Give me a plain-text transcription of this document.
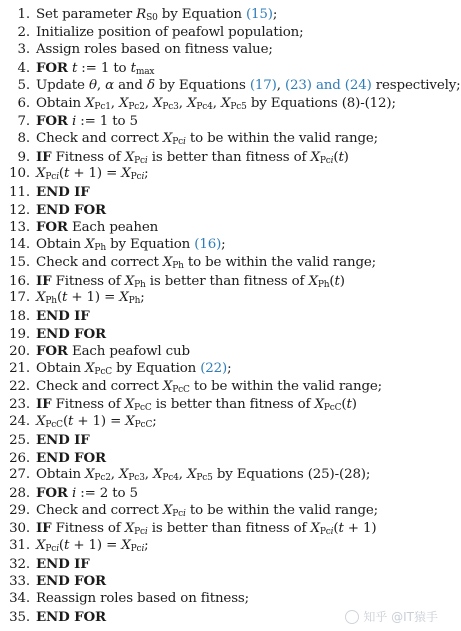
1. Set parameter $R_{S0}$ by Equation (15);
2. Initialize position of peafowl population;
3. Assign roles based on fitness value;
4. FOR t := 1 to $t_{max}$
5. Update θ, α and δ by Equations (17), (23) and (24) respectively;
6. Obtain $X_{Pc1}$, $X_{Pc2}$, $X_{Pc3}$, $X_{Pc4}$, $X_{Pc5}$ by Equations (8)-(12);
7. FOR i := 1 to 5
8. Check and correct $X_{Pci}$ to be within the valid range;
9. IF Fitness of $X_{Pci}$ is better than fitness of $X_{Pci}(t)$
10. $X_{Pci}(t + 1) = X_{Pci}$;
11. END IF
12. END FOR
13. FOR Each peahen
14. Obtain $X_{Ph}$ by Equation (16);
15. Check and correct $X_{Ph}$ to be within the valid range;
16. IF Fitness of $X_{Ph}$ is better than fitness of $X_{Ph}(t)$
17. $X_{Ph}(t + 1) = X_{Ph}$;
18. END IF
19. END FOR
20. FOR Each peafowl cub
21. Obtain $X_{PcC}$ by Equation (22);
22. Check and correct $X_{PcC}$ to be within the valid range;
23. IF Fitness of $X_{PcC}$ is better than fitness of $X_{PcC}(t)$
24. $X_{PcC}(t + 1) = X_{PcC}$;
25. END IF
26. END FOR
27. Obtain $X_{Pc2}$, $X_{Pc3}$, $X_{Pc4}$, $X_{Pc5}$ by Equations (25)-(28);
28. FOR i := 2 to 5
29. Check and correct $X_{Pci}$ to be within the valid range;
30. IF Fitness of $X_{Pci}$ is better than fitness of $X_{Pci}(t + 1)$
31. $X_{Pci}(t + 1) = X_{Pci}$;
32. END IF
33. END FOR
34. Reassign roles based on fitness;
35. END FOR	知乎 @IT猿手
